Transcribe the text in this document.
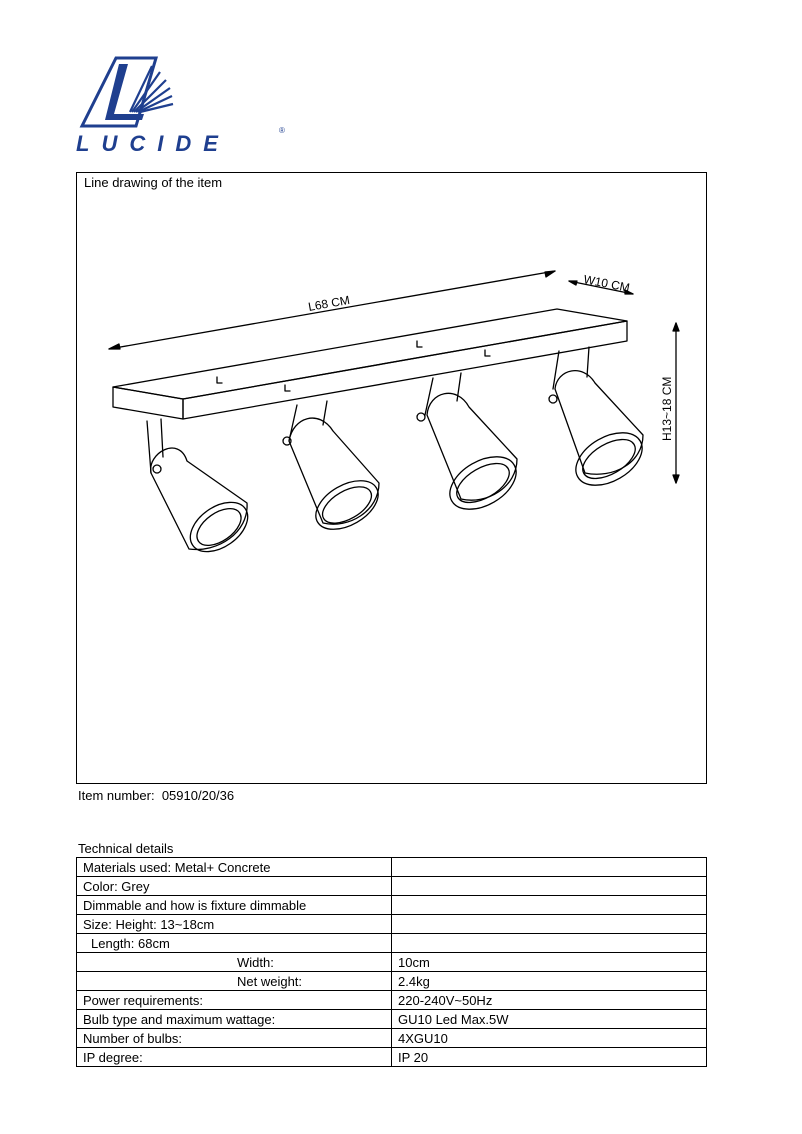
LUCIDE
®
Line drawing of the item
L68 CM
W10 CM
H13~18 CM
Item number: 05910/20/36
Technical details
Materials used: Metal+ Concrete	
Color: Grey	
Dimmable and how is fixture dimmable	
Size: Height: 13~18cm	
Length: 68cm	
Width:	10cm
Net weight:	2.4kg
Power requirements:	220-240V~50Hz
Bulb type and maximum wattage:	GU10 Led Max.5W
Number of bulbs:	4XGU10
IP degree:	IP 20
